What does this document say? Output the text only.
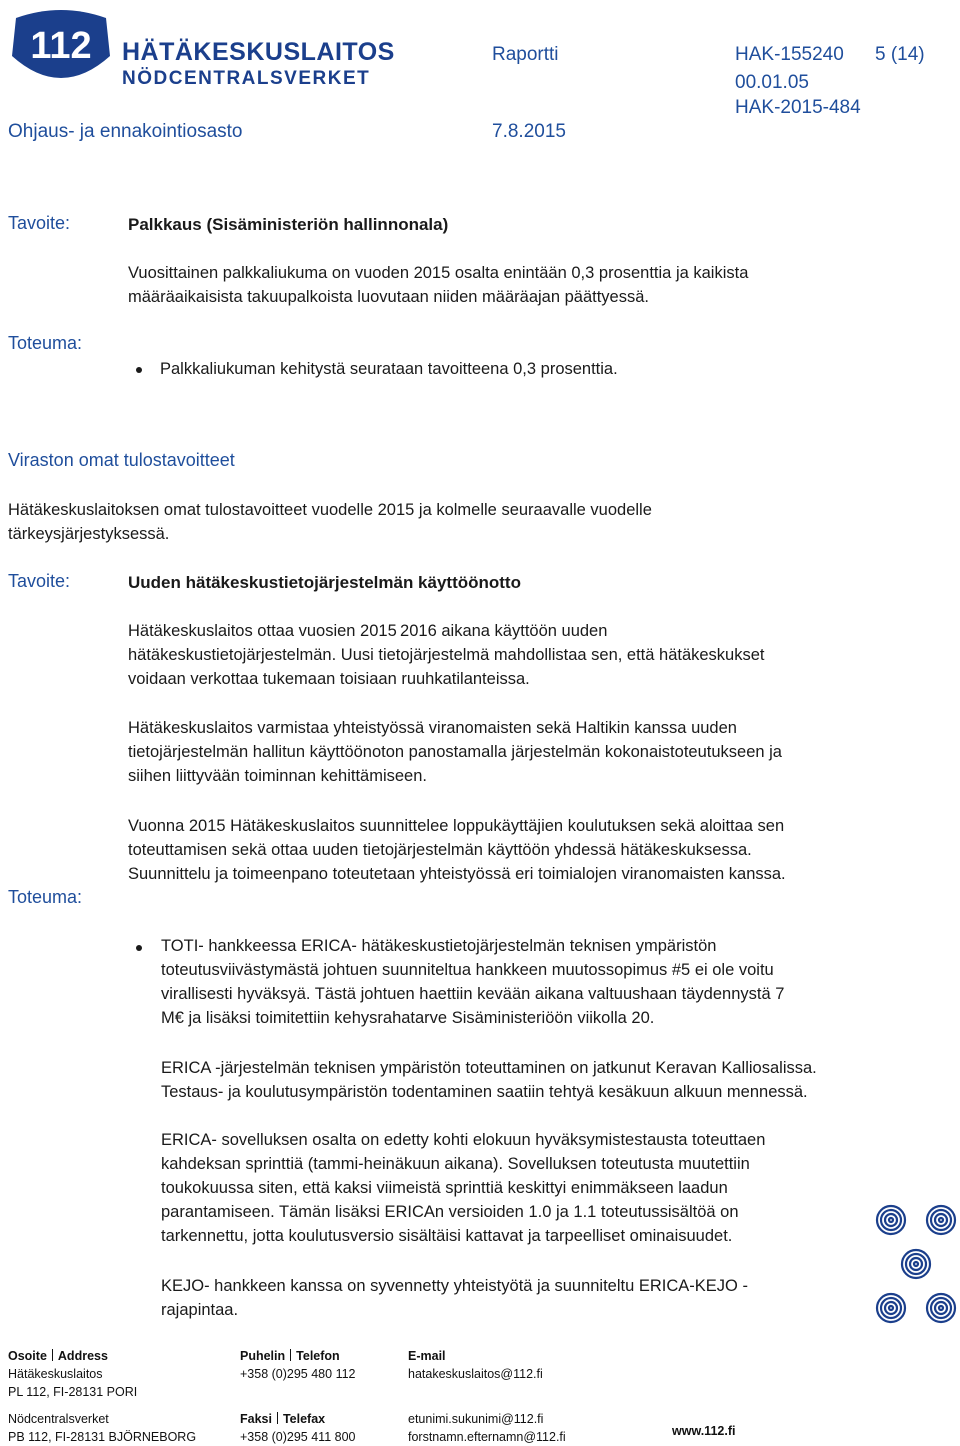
112 HÄTÄKESKUSLAITOS
NÖDCENTRALSVERKET
Raportti	HAK-155240 5 (14)
00.01.05
HAK-2015-484
Ohjaus- ja ennakointiosasto	7.8.2015
Tavoite:	Palkkaus (Sisäministeriön hallinnonala)
Vuosittainen palkkaliukuma on vuoden 2015 osalta enintään 0,3 prosenttia ja kaikista
määräaikaisista takuupalkoista luovutaan niiden määräajan päättyessä.
Toteuma:
Palkkaliukuman kehitystä seurataan tavoitteena 0,3 prosenttia.
Viraston omat tulostavoitteet
Hätäkeskuslaitoksen omat tulostavoitteet vuodelle 2015 ja kolmelle seuraavalle vuodelle
tärkeysjärjestyksessä.
Tavoite:	Uuden hätäkeskustietojärjestelmän käyttöönotto
Hätäkeskuslaitos ottaa vuosien 2015 2016 aikana käyttöön uuden
hätäkeskustietojärjestelmän. Uusi tietojärjestelmä mahdollistaa sen, että hätäkeskukset
voidaan verkottaa tukemaan toisiaan ruuhkatilanteissa.
Hätäkeskuslaitos varmistaa yhteistyössä viranomaisten sekä Haltikin kanssa uuden
tietojärjestelmän hallitun käyttöönoton panostamalla järjestelmän kokonaistoteutukseen ja
siihen liittyvään toiminnan kehittämiseen.
Vuonna 2015 Hätäkeskuslaitos suunnittelee loppukäyttäjien koulutuksen sekä aloittaa sen
toteuttamisen sekä ottaa uuden tietojärjestelmän käyttöön yhdessä hätäkeskuksessa.
Suunnittelu ja toimeenpano toteutetaan yhteistyössä eri toimialojen viranomaisten kanssa.
Toteuma:
TOTI- hankkeessa ERICA- hätäkeskustietojärjestelmän teknisen ympäristön
toteutusviivästymästä johtuen suunniteltua hankkeen muutossopimus #5 ei ole voitu
virallisesti hyväksyä. Tästä johtuen haettiin kevään aikana valtuushaan täydennystä 7
M€ ja lisäksi toimitettiin kehysrahatarve Sisäministeriöön viikolla 20.
ERICA -järjestelmän teknisen ympäristön toteuttaminen on jatkunut Keravan Kalliosalissa.
Testaus- ja koulutusympäristön todentaminen saatiin tehtyä kesäkuun alkuun mennessä.
ERICA- sovelluksen osalta on edetty kohti elokuun hyväksymistestausta toteuttaen
kahdeksan sprinttiä (tammi-heinäkuun aikana). Sovelluksen toteutusta muutettiin
toukokuussa siten, että kaksi viimeistä sprinttiä keskittyi enimmäkseen laadun
parantamiseen. Tämän lisäksi ERICAn versioiden 1.0 ja 1.1 toteutussisältöä on
tarkennettu, jotta koulutusversio sisältäisi kattavat ja tarpeelliset ominaisuudet.
KEJO- hankkeen kanssa on syvennetty yhteistyötä ja suunniteltu ERICA-KEJO -
rajapintaa.
Osoite Address
Hätäkeskuslaitos
PL 112, FI-28131 PORI
Nödcentralsverket
PB 112, FI-28131 BJÖRNEBORG
Puhelin Telefon
+358 (0)295 480 112

Faksi Telefax
+358 (0)295 411 800
E-mail
hatakeskuslaitos@112.fi

etunimi.sukunimi@112.fi
forstnamn.efternamn@112.fi	www.112.fi
